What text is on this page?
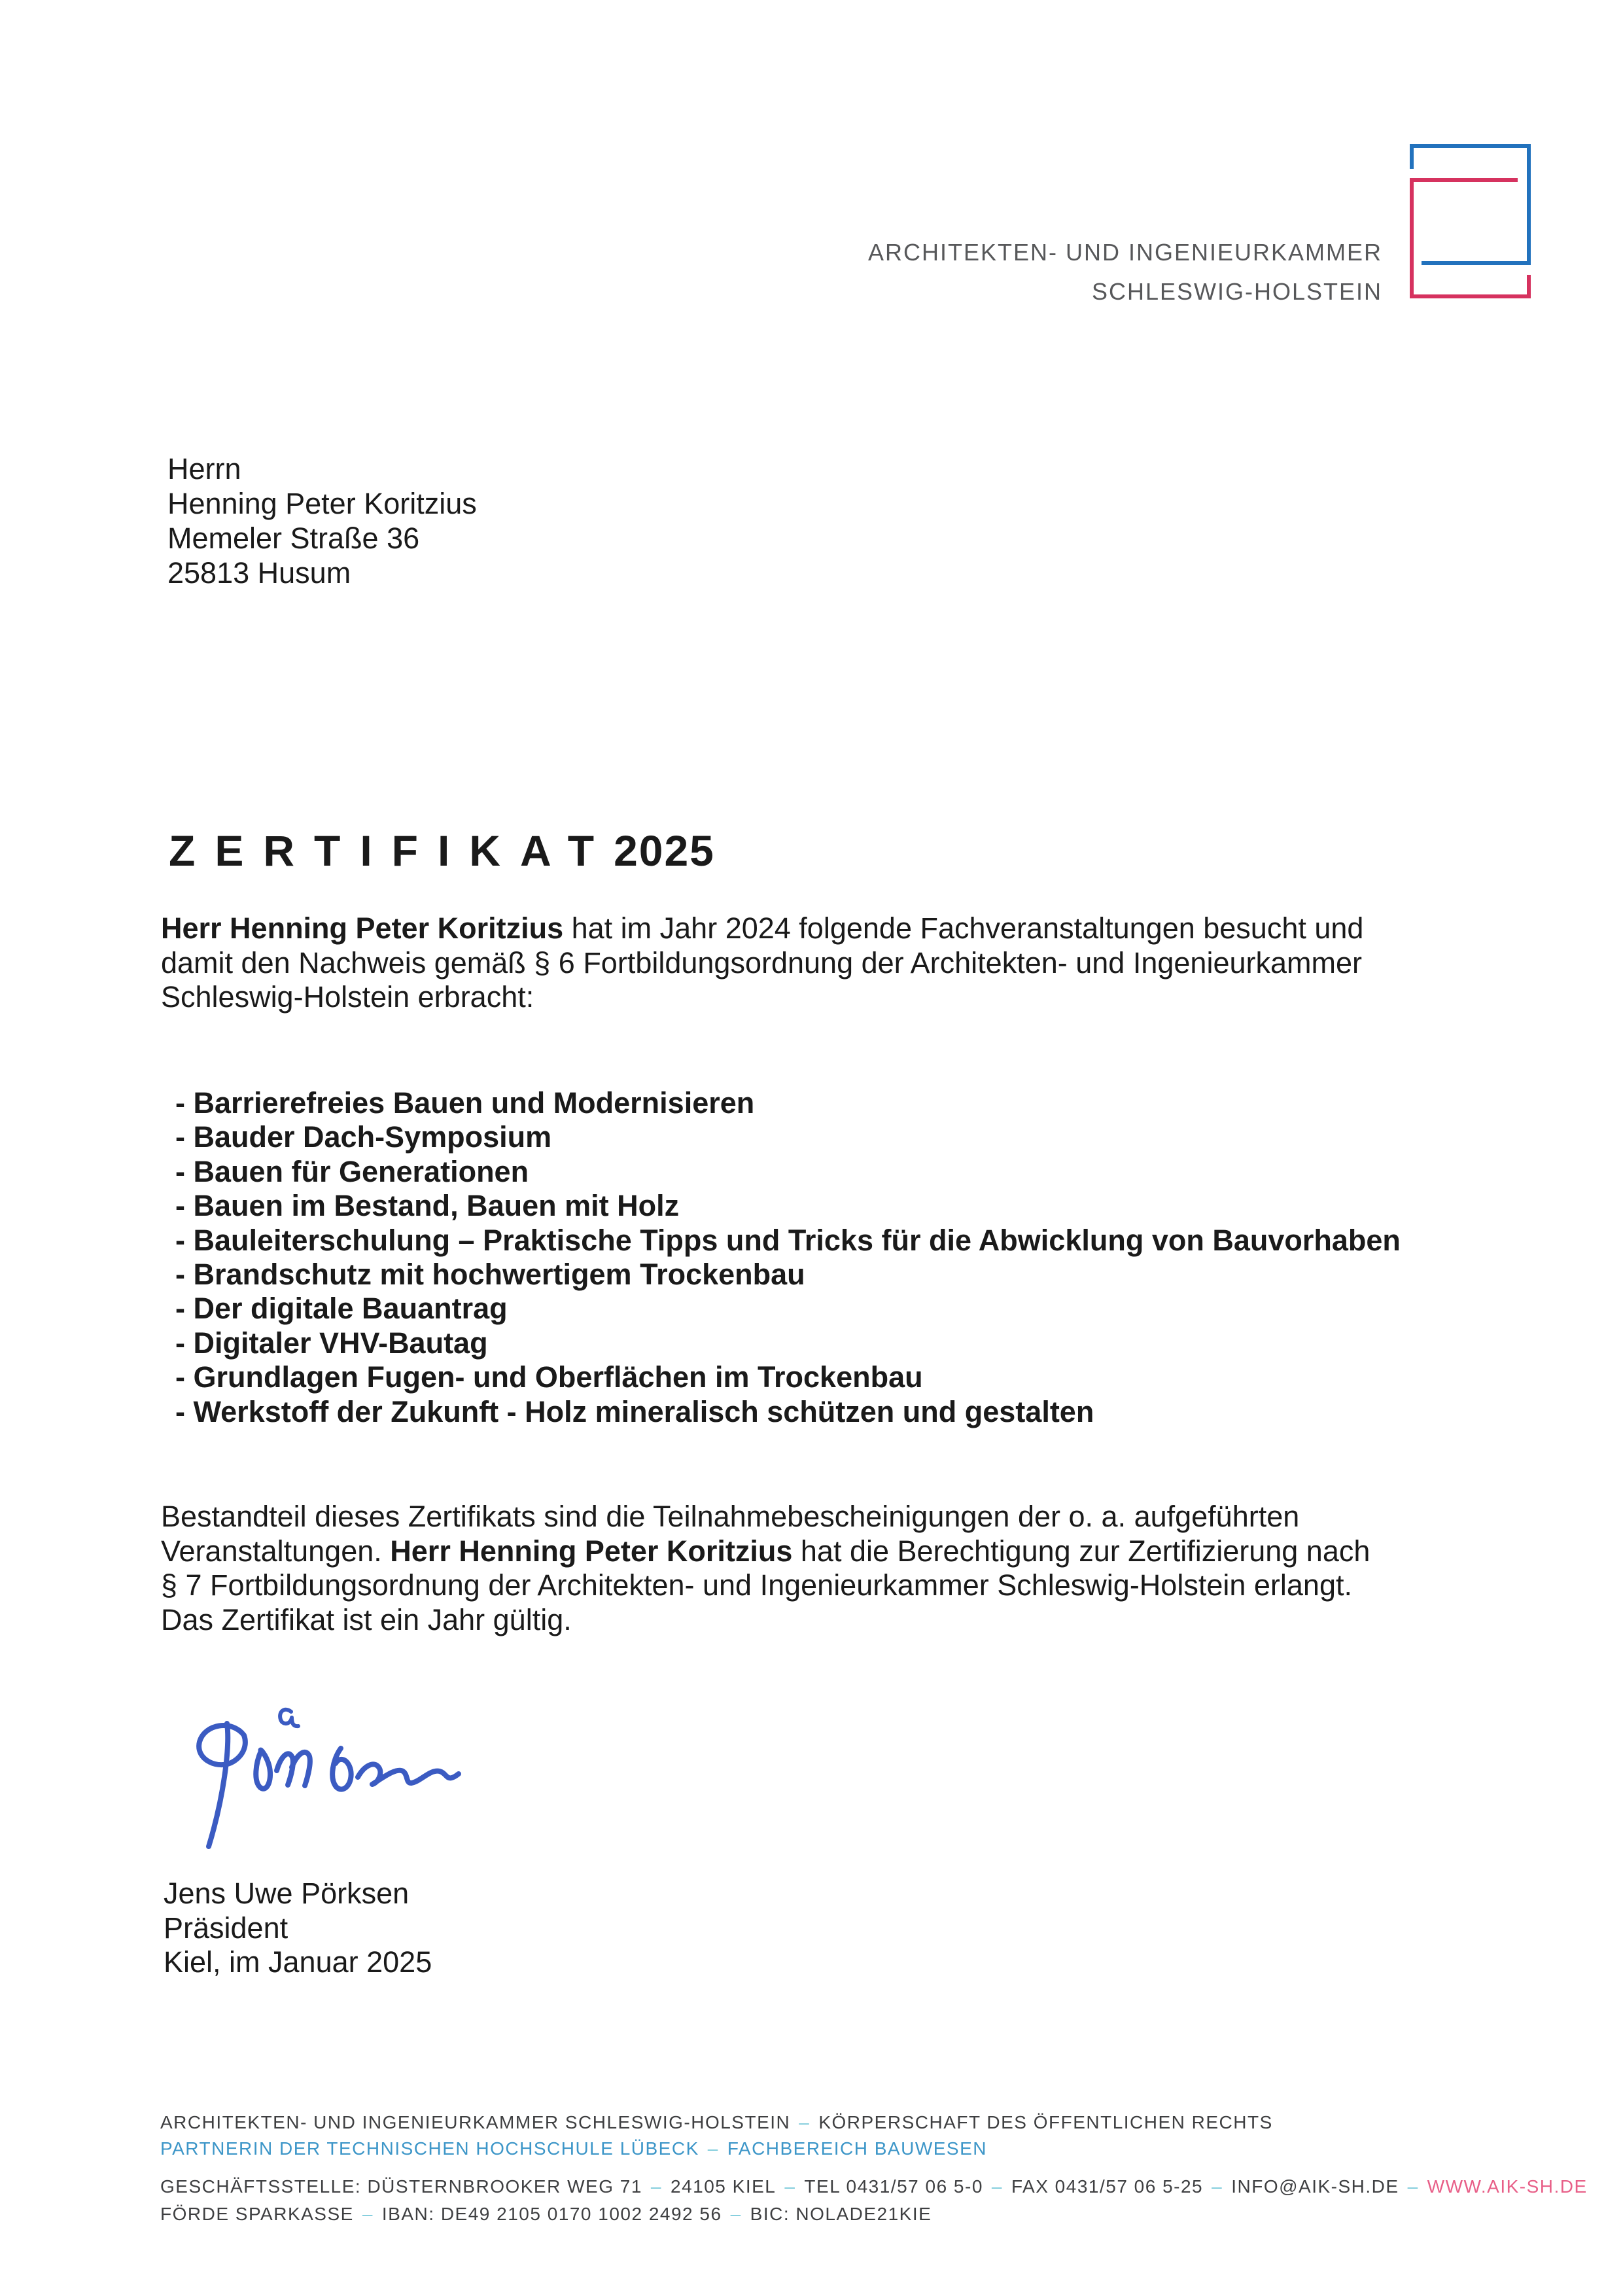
ARCHITEKTEN- UND INGENIEURKAMMER
SCHLESWIG-HOLSTEIN
Herrn
Henning Peter Koritzius
Memeler Straße 36
25813 Husum
ZERTIFIKAT2025
Herr Henning Peter Koritzius hat im Jahr 2024 folgende Fachveranstaltungen besucht und
damit den Nachweis gemäß § 6 Fortbildungsordnung der Architekten- und Ingenieurkammer
Schleswig-Holstein erbracht:
- Barrierefreies Bauen und Modernisieren
- Bauder Dach-Symposium
- Bauen für Generationen
- Bauen im Bestand, Bauen mit Holz
- Bauleiterschulung – Praktische Tipps und Tricks für die Abwicklung von Bauvorhaben
- Brandschutz mit hochwertigem Trockenbau
- Der digitale Bauantrag
- Digitaler VHV-Bautag
- Grundlagen Fugen- und Oberflächen im Trockenbau
- Werkstoff der Zukunft - Holz mineralisch schützen und gestalten
Bestandteil dieses Zertifikats sind die Teilnahmebescheinigungen der o. a. aufgeführten
Veranstaltungen. Herr Henning Peter Koritzius hat die Berechtigung zur Zertifizierung nach
§ 7 Fortbildungsordnung der Architekten- und Ingenieurkammer Schleswig-Holstein erlangt.
Das Zertifikat ist ein Jahr gültig.
Jens Uwe Pörksen
Präsident
Kiel, im Januar 2025
ARCHITEKTEN- UND INGENIEURKAMMER SCHLESWIG-HOLSTEIN – KÖRPERSCHAFT DES ÖFFENTLICHEN RECHTS
PARTNERIN DER TECHNISCHEN HOCHSCHULE LÜBECK – FACHBEREICH BAUWESEN
GESCHÄFTSSTELLE: DÜSTERNBROOKER WEG 71 – 24105 KIEL – TEL 0431/57 06 5-0 – FAX 0431/57 06 5-25 – INFO@AIK-SH.DE – WWW.AIK-SH.DE
FÖRDE SPARKASSE – IBAN: DE49 2105 0170 1002 2492 56 – BIC: NOLADE21KIE
